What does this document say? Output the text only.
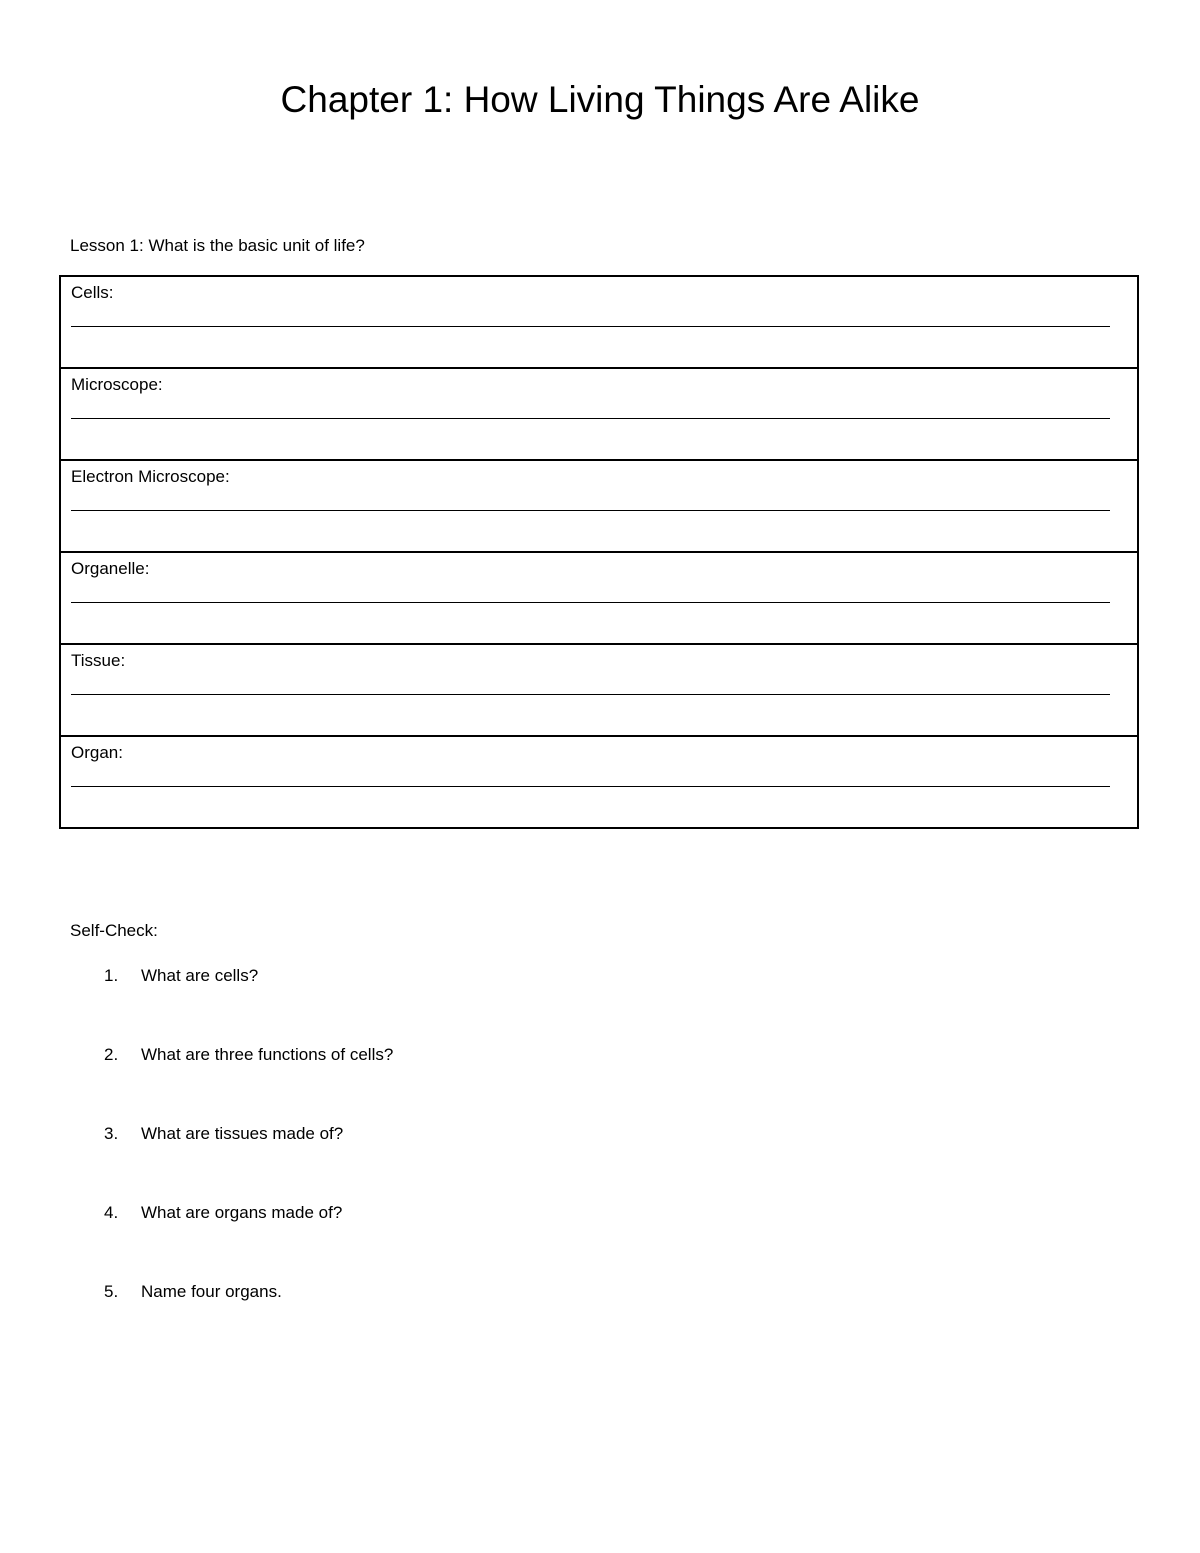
Chapter 1: How Living Things Are Alike

Lesson 1: What is the basic unit of life?

Cells:
Microscope:
Electron Microscope:
Organelle:
Tissue:
Organ:

Self-Check:

1. What are cells?
2. What are three functions of cells?
3. What are tissues made of?
4. What are organs made of?
5. Name four organs.
